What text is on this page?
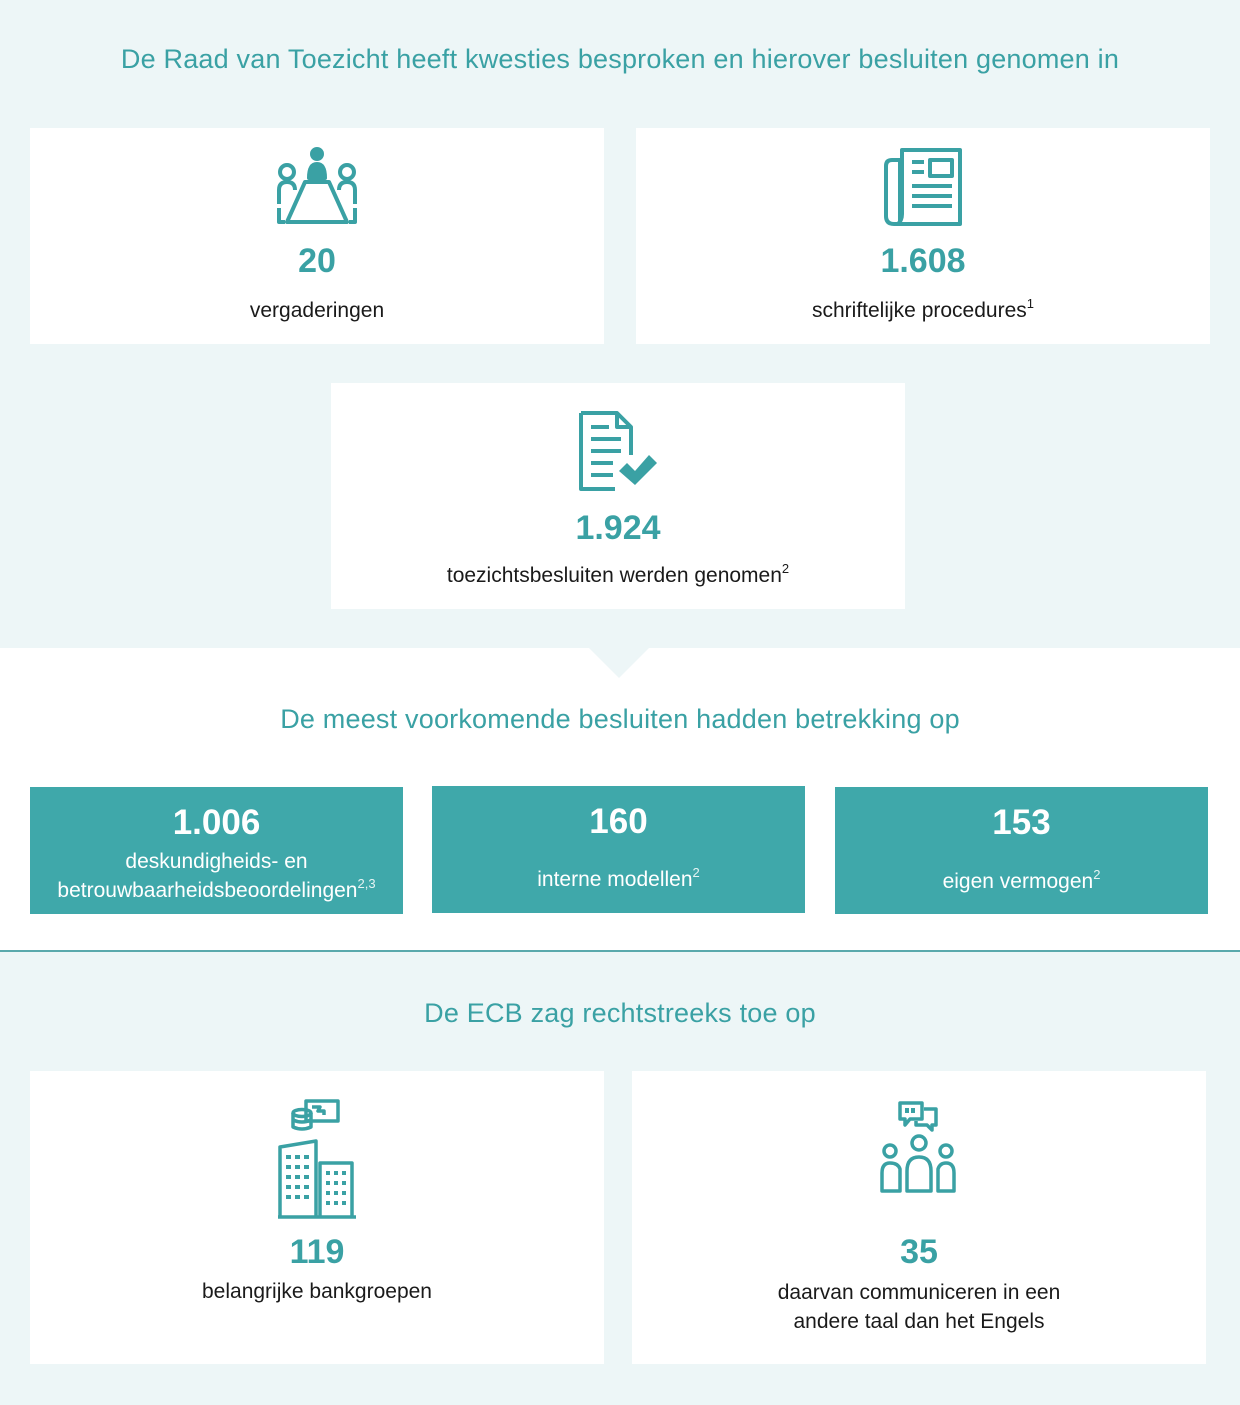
De Raad van Toezicht heeft kwesties besproken en hierover besluiten genomen in
20
vergaderingen
1.608
schriftelijke procedures$^1$
1.924
toezichtsbesluiten werden genomen$^2$
De meest voorkomende besluiten hadden betrekking op
1.006
deskundigheids- en
betrouwbaarheidsbeoordelingen$^{2,3}$
160
interne modellen$^2$
153
eigen vermogen$^2$
De ECB zag rechtstreeks toe op
119
belangrijke bankgroepen
35
daarvan communiceren in een
andere taal dan het Engels
